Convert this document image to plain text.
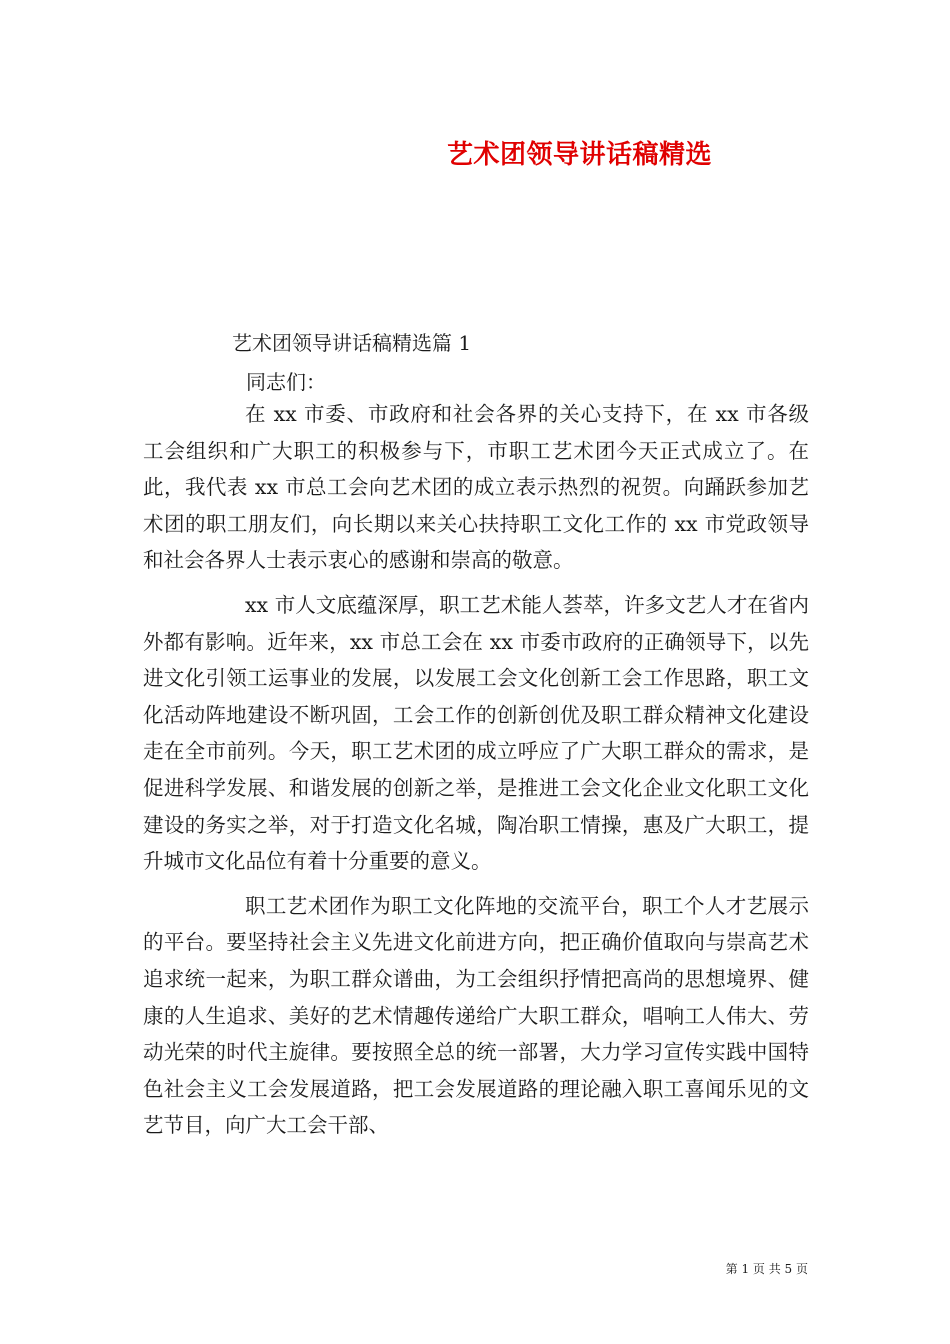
艺术团领导讲话稿精选
艺术团领导讲话稿精选篇 1
同志们：

在 xx 市委、市政府和社会各界的关心支持下，在 xx 市各级工会组织和广大职工的积极参与下，市职工艺术团今天正式成立了。在此，我代表 xx 市总工会向艺术团的成立表示热烈的祝贺。向踊跃参加艺术团的职工朋友们，向长期以来关心扶持职工文化工作的 xx 市党政领导和社会各界人士表示衷心的感谢和崇高的敬意。

xx 市人文底蕴深厚，职工艺术能人荟萃，许多文艺人才在省内外都有影响。近年来，xx 市总工会在 xx 市委市政府的正确领导下，以先进文化引领工运事业的发展，以发展工会文化创新工会工作思路，职工文化活动阵地建设不断巩固，工会工作的创新创优及职工群众精神文化建设走在全市前列。今天，职工艺术团的成立呼应了广大职工群众的需求，是促进科学发展、和谐发展的创新之举，是推进工会文化企业文化职工文化建设的务实之举，对于打造文化名城，陶冶职工情操，惠及广大职工，提升城市文化品位有着十分重要的意义。

职工艺术团作为职工文化阵地的交流平台，职工个人才艺展示的平台。要坚持社会主义先进文化前进方向，把正确价值取向与崇高艺术追求统一起来，为职工群众谱曲，为工会组织抒情把高尚的思想境界、健康的人生追求、美好的艺术情趣传递给广大职工群众，唱响工人伟大、劳动光荣的时代主旋律。要按照全总的统一部署，大力学习宣传实践中国特色社会主义工会发展道路，把工会发展道路的理论融入职工喜闻乐见的文艺节目，向广大工会干部、

第 1 页 共 5 页
